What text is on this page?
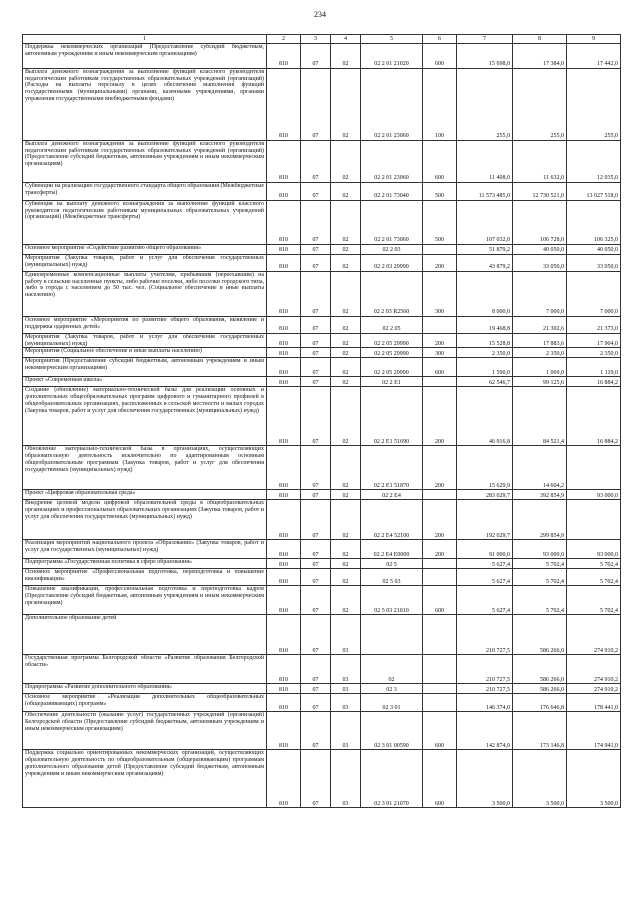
234
1	2	3	4	5	6	7	8	9
Поддержка некоммерческих организаций (Предоставление субсидий бюджетным, автономным учреждениям и иным некоммерческим организациям)	810	07	02	02 2 01 21020	600	15 698,0	17 384,0	17 442,0
Выплата денежного вознаграждения за выполнение функций классного руководителя педагогическим работникам государственных образовательных учреждений (организаций) (Расходы на выплаты персоналу в целях обеспечения выполнения функций государственными (муниципальными) органами, казенными учреждениями, органами управления государственными внебюджетными фондами)	810	07	02	02 2 01 23060	100	255,0	255,0	255,0
Выплата денежного вознаграждения за выполнение функций классного руководителя педагогическим работникам государственных образовательных учреждений (организаций) (Предоставление субсидий бюджетным, автономным учреждениям и иным некоммерческим организациям)	810	07	02	02 2 01 23060	600	11 408,0	11 632,0	12 035,0
Субвенции на реализацию государственного стандарта общего образования (Межбюджетные трансферты)	810	07	02	02 2 01 73040	500	11 573 485,0	12 730 521,0	13 027 518,0
Субвенция на выплату денежного вознаграждения за выполнение функций классного руководителя педагогическим работникам муниципальных образовательных учреждений (организаций) (Межбюджетные трансферты)	810	07	02	02 2 01 73060	500	107 032,0	106 728,0	106 325,0
Основное мероприятие «Содействие развитию общего образования»	810	07	02	02 2 03		51 879,2	40 050,0	40 050,0
Мероприятия (Закупка товаров, работ и услуг для обеспечения государственных (муниципальных) нужд)	810	07	02	02 2 03 29990	200	43 879,2	33 050,0	33 050,0
Единовременные компенсационные выплаты учителям, прибывшим (переехавшим) на работу в сельские населенные пункты, либо рабочие поселки, либо поселки городского типа, либо в города с населением до 50 тыс. чел. (Социальное обеспечение и иные выплаты населению)	810	07	02	02 2 03 R2560	300	8 000,0	7 000,0	7 000,0
Основное мероприятие «Мероприятия по развитию общего образования, выявление и поддержка одаренных детей»	810	07	02	02 2 05		19 468,8	21 302,6	21 373,0
Мероприятия (Закупка товаров, работ и услуг для обеспечения государственных (муниципальных) нужд)	810	07	02	02 2 05 29990	200	15 528,8	17 883,6	17 904,0
Мероприятия (Социальное обеспечение и иные выплаты населению)	810	07	02	02 2 05 29990	300	2 350,0	2 350,0	2 350,0
Мероприятия (Предоставление субсидий бюджетным, автономным учреждениям и иным некоммерческим организациям)	810	07	02	02 2 05 29990	600	1 590,0	1 069,0	1 119,0
Проект «Современная школа»	810	07	02	02 2 E1		62 546,7	99 125,6	16 884,2
Создание (обновление) материально-технической базы для реализации основных и дополнительных общеобразовательных программ цифрового и гуманитарного профилей в общеобразовательных организациях, расположенных в сельской местности и малых городах (Закупка товаров, работ и услуг для обеспечения государственных (муниципальных) нужд)	810	07	02	02 2 E1 51690	200	46 916,8	84 521,4	16 884,2
Обновление материально-технической базы в организациях, осуществляющих образовательную деятельность исключительно по адаптированным основным общеобразовательным программам (Закупка товаров, работ и услуг для обеспечения государственных (муниципальных) нужд)	810	07	02	02 2 E1 51870	200	15 629,9	14 604,2	
Проект «Цифровая образовательная среда»	810	07	02	02 2 E4		283 029,7	392 854,9	93 000,0
Внедрение целевой модели цифровой образовательной среды в общеобразовательных организациях и профессиональных образовательных организациях (Закупка товаров, работ и услуг для обеспечения государственных (муниципальных) нужд)	810	07	02	02 2 E4 52100	200	192 029,7	299 854,9	
Реализация мероприятий национального проекта «Образование» (Закупка товаров, работ и услуг для государственных (муниципальных) нужд)	810	07	02	02 2 E4 E0000	200	91 000,0	93 000,0	93 000,0
Подпрограмма «Государственная политика в сфере образования»	810	07	02	02 5		5 627,4	5 702,4	5 702,4
Основное мероприятие «Профессиональная подготовка, переподготовка и повышение квалификации»	810	07	02	02 5 03		5 627,4	5 702,4	5 702,4
Повышение квалификации, профессиональная подготовка и переподготовка кадров (Предоставление субсидий бюджетным, автономным учреждениям и иным некоммерческим организациям)	810	07	02	02 5 03 21010	600	5 627,4	5 702,4	5 702,4
Дополнительное образование детей	810	07	03			210 727,5	586 266,0	274 910,2
Государственная программа Белгородской области «Развитие образования Белгородской области»	810	07	03	02		210 727,5	586 266,0	274 910,2
Подпрограмма «Развитие дополнительного образования»	810	07	03	02 3		210 727,5	586 266,0	274 910,2
Основное мероприятие «Реализация дополнительных общеобразовательных (общеразвивающих) программ»	810	07	03	02 3 01		146 374,0	176 646,8	178 441,0
Обеспечение деятельности (оказание услуг) государственных учреждений (организаций) Белгородской области (Предоставление субсидий бюджетным, автономным учреждениям и иным некоммерческим организациям)	810	07	03	02 3 01 00590	600	142 874,0	173 146,8	174 941,0
Поддержка социально ориентированных некоммерческих организаций, осуществляющих образовательную деятельность по общеобразовательным (общеразвивающим) программам дополнительного образования детей (Предоставление субсидий бюджетным, автономным учреждениям и иным некоммерческим организациям)	810	07	03	02 3 01 21070	600	3 500,0	3 500,0	3 500,0
